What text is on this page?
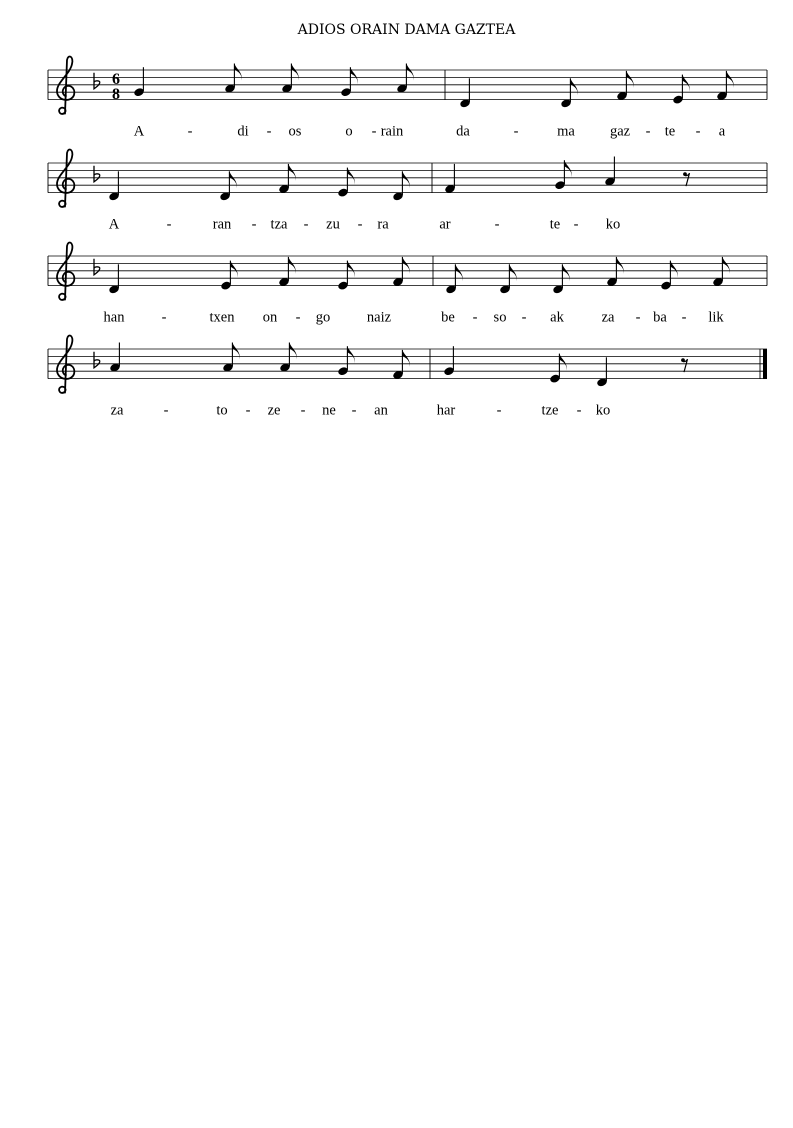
ADIOS ORAIN DAMA GAZTEA
6
8
A	-	di - os	o - rain	da	-	ma gaz - te - a
A	-	ran - tza - zu - ra	ar	-	te - ko
han	-	txen on - go	naiz	be - so - ak	za - ba - lik
za	-	to - ze - ne - an	har	-	tze - ko
